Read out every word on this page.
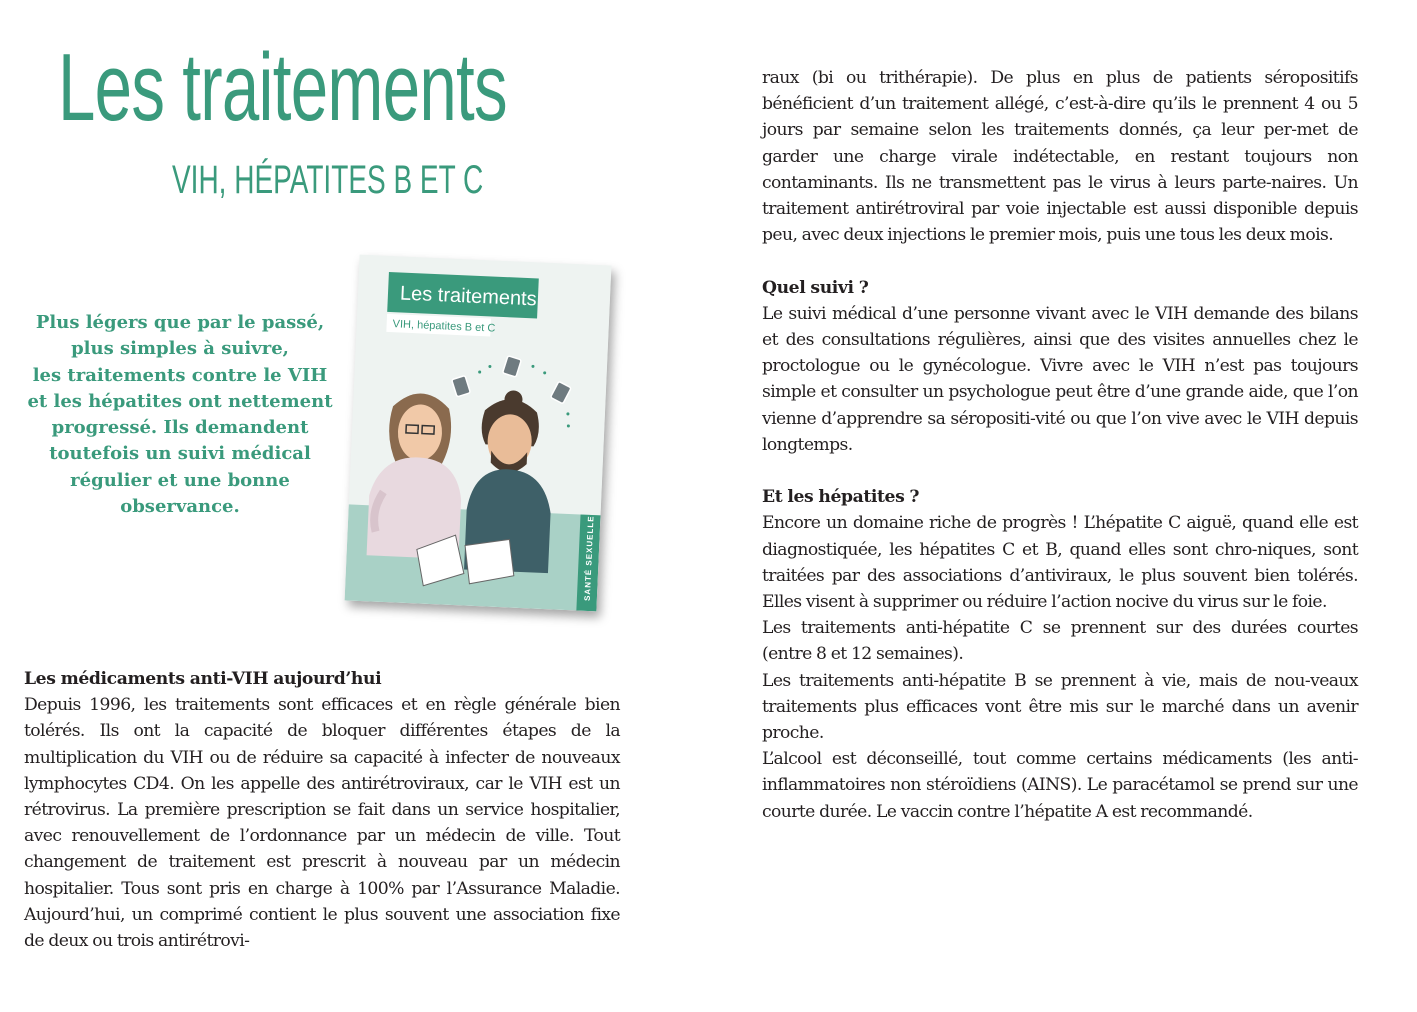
Les traitements
VIH, HÉPATITES B ET C
Plus légers que par le passé,
plus simples à suivre,
les traitements contre le VIH
et les hépatites ont nettement
progressé. Ils demandent
toutefois un suivi médical
régulier et une bonne
observance.
Les traitements
VIH, hépatites B et C
SANTÉ SEXUELLE

Les médicaments anti-VIH aujourd’hui
Depuis 1996, les traitements sont efficaces et en règle générale bien tolérés. Ils ont la capacité de bloquer différentes étapes de la multiplication du VIH ou de réduire sa capacité à infecter de nouveaux lymphocytes CD4. On les appelle des antirétroviraux, car le VIH est un rétrovirus. La première prescription se fait dans un service hospitalier, avec renouvellement de l’ordonnance par un médecin de ville. Tout changement de traitement est prescrit à nouveau par un médecin hospitalier. Tous sont pris en charge à 100% par l’Assurance Maladie. Aujourd’hui, un comprimé contient le plus souvent une association fixe de deux ou trois antirétrovi-

raux (bi ou trithérapie). De plus en plus de patients séropositifs bénéficient d’un traitement allégé, c’est-à-dire qu’ils le prennent 4 ou 5 jours par semaine selon les traitements donnés, ça leur per-met de garder une charge virale indétectable, en restant toujours non contaminants. Ils ne transmettent pas le virus à leurs parte-naires. Un traitement antirétroviral par voie injectable est aussi disponible depuis peu, avec deux injections le premier mois, puis une tous les deux mois.

Quel suivi ?
Le suivi médical d’une personne vivant avec le VIH demande des bilans et des consultations régulières, ainsi que des visites annuelles chez le proctologue ou le gynécologue. Vivre avec le VIH n’est pas toujours simple et consulter un psychologue peut être d’une grande aide, que l’on vienne d’apprendre sa séropositi-vité ou que l’on vive avec le VIH depuis longtemps.

Et les hépatites ?
Encore un domaine riche de progrès ! L’hépatite C aiguë, quand elle est diagnostiquée, les hépatites C et B, quand elles sont chro-niques, sont traitées par des associations d’antiviraux, le plus souvent bien tolérés. Elles visent à supprimer ou réduire l’action nocive du virus sur le foie.
Les traitements anti-hépatite C se prennent sur des durées courtes (entre 8 et 12 semaines).
Les traitements anti-hépatite B se prennent à vie, mais de nou-veaux traitements plus efficaces vont être mis sur le marché dans un avenir proche.
L’alcool est déconseillé, tout comme certains médicaments (les anti-inflammatoires non stéroïdiens (AINS). Le paracétamol se prend sur une courte durée. Le vaccin contre l’hépatite A est recommandé.
